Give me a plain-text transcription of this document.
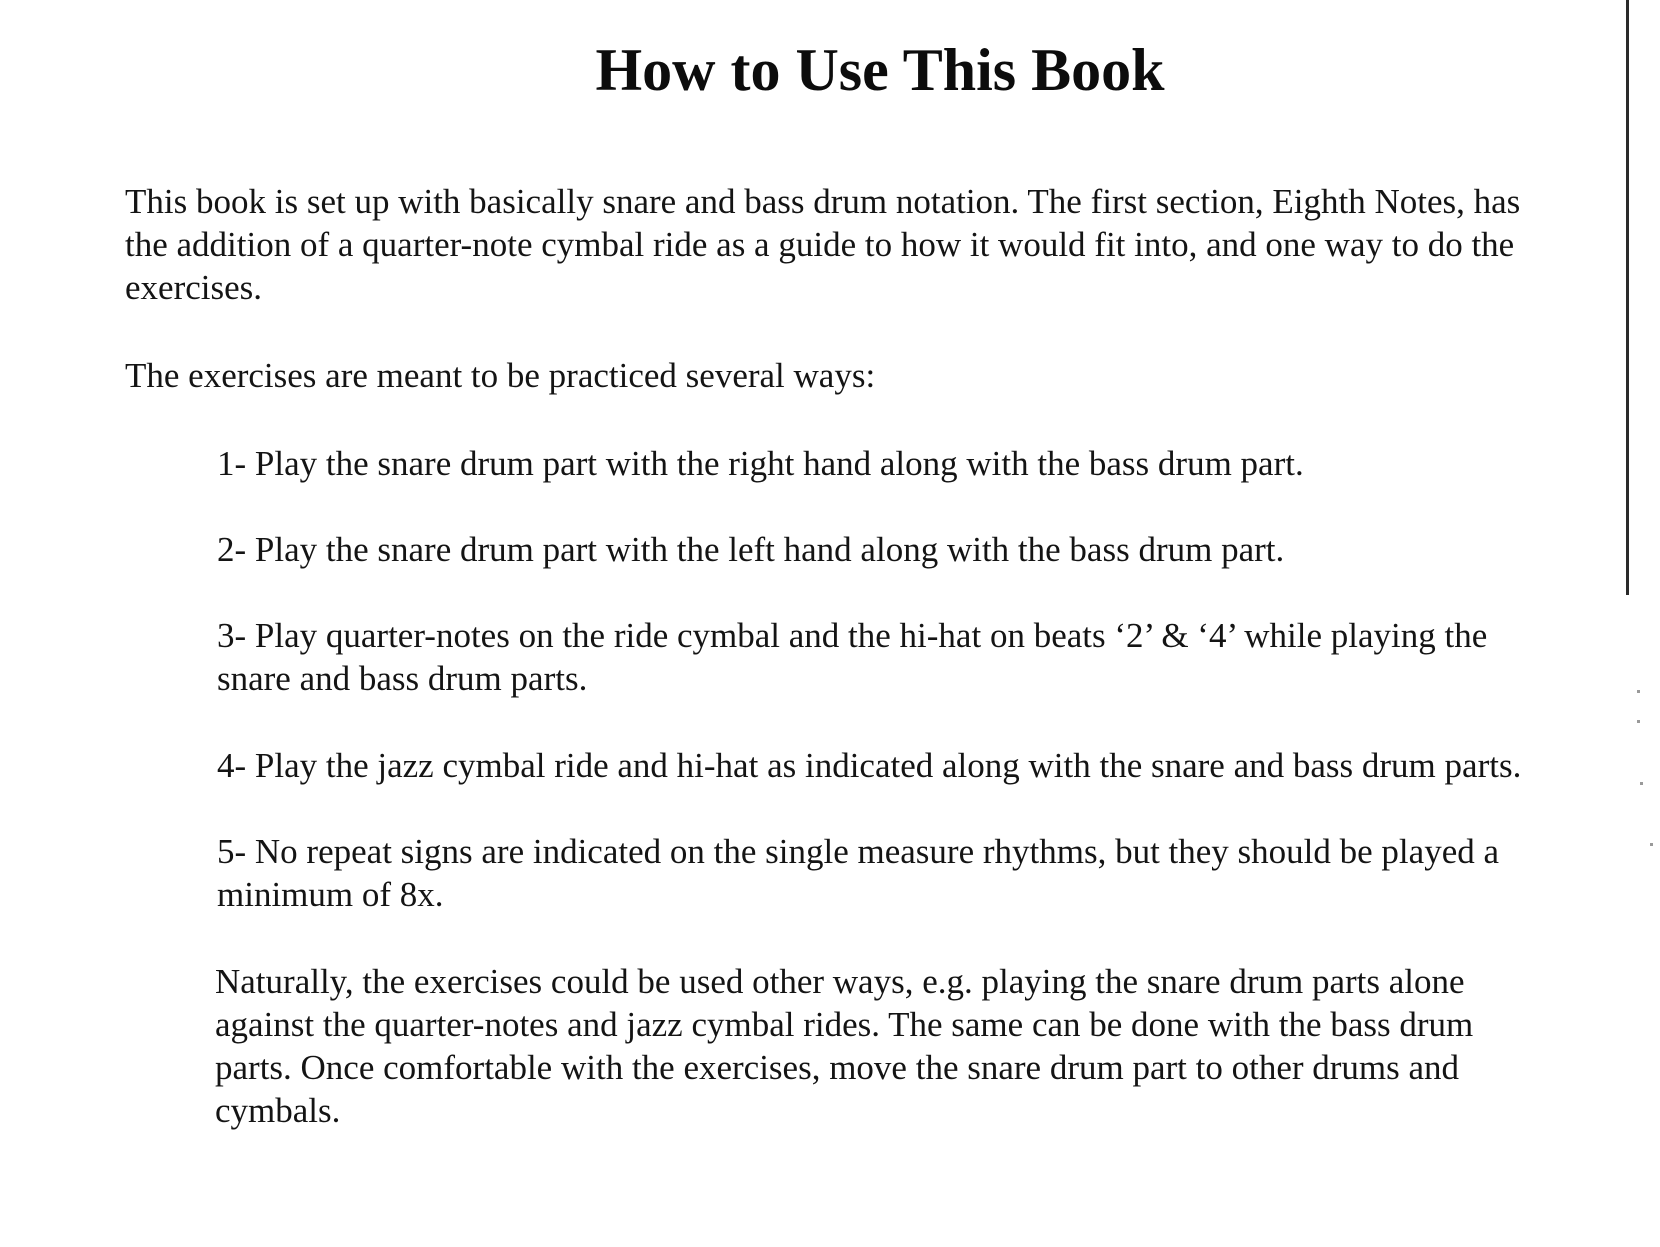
How to Use This Book

This book is set up with basically snare and bass drum notation. The first section, Eighth Notes, has
the addition of a quarter-note cymbal ride as a guide to how it would fit into, and one way to do the
exercises.

The exercises are meant to be practiced several ways:

1- Play the snare drum part with the right hand along with the bass drum part.

2- Play the snare drum part with the left hand along with the bass drum part.

3- Play quarter-notes on the ride cymbal and the hi-hat on beats ‘2’ & ‘4’ while playing the
snare and bass drum parts.

4- Play the jazz cymbal ride and hi-hat as indicated along with the snare and bass drum parts.

5- No repeat signs are indicated on the single measure rhythms, but they should be played a
minimum of 8x.

Naturally, the exercises could be used other ways, e.g. playing the snare drum parts alone
against the quarter-notes and jazz cymbal rides. The same can be done with the bass drum
parts. Once comfortable with the exercises, move the snare drum part to other drums and
cymbals.
